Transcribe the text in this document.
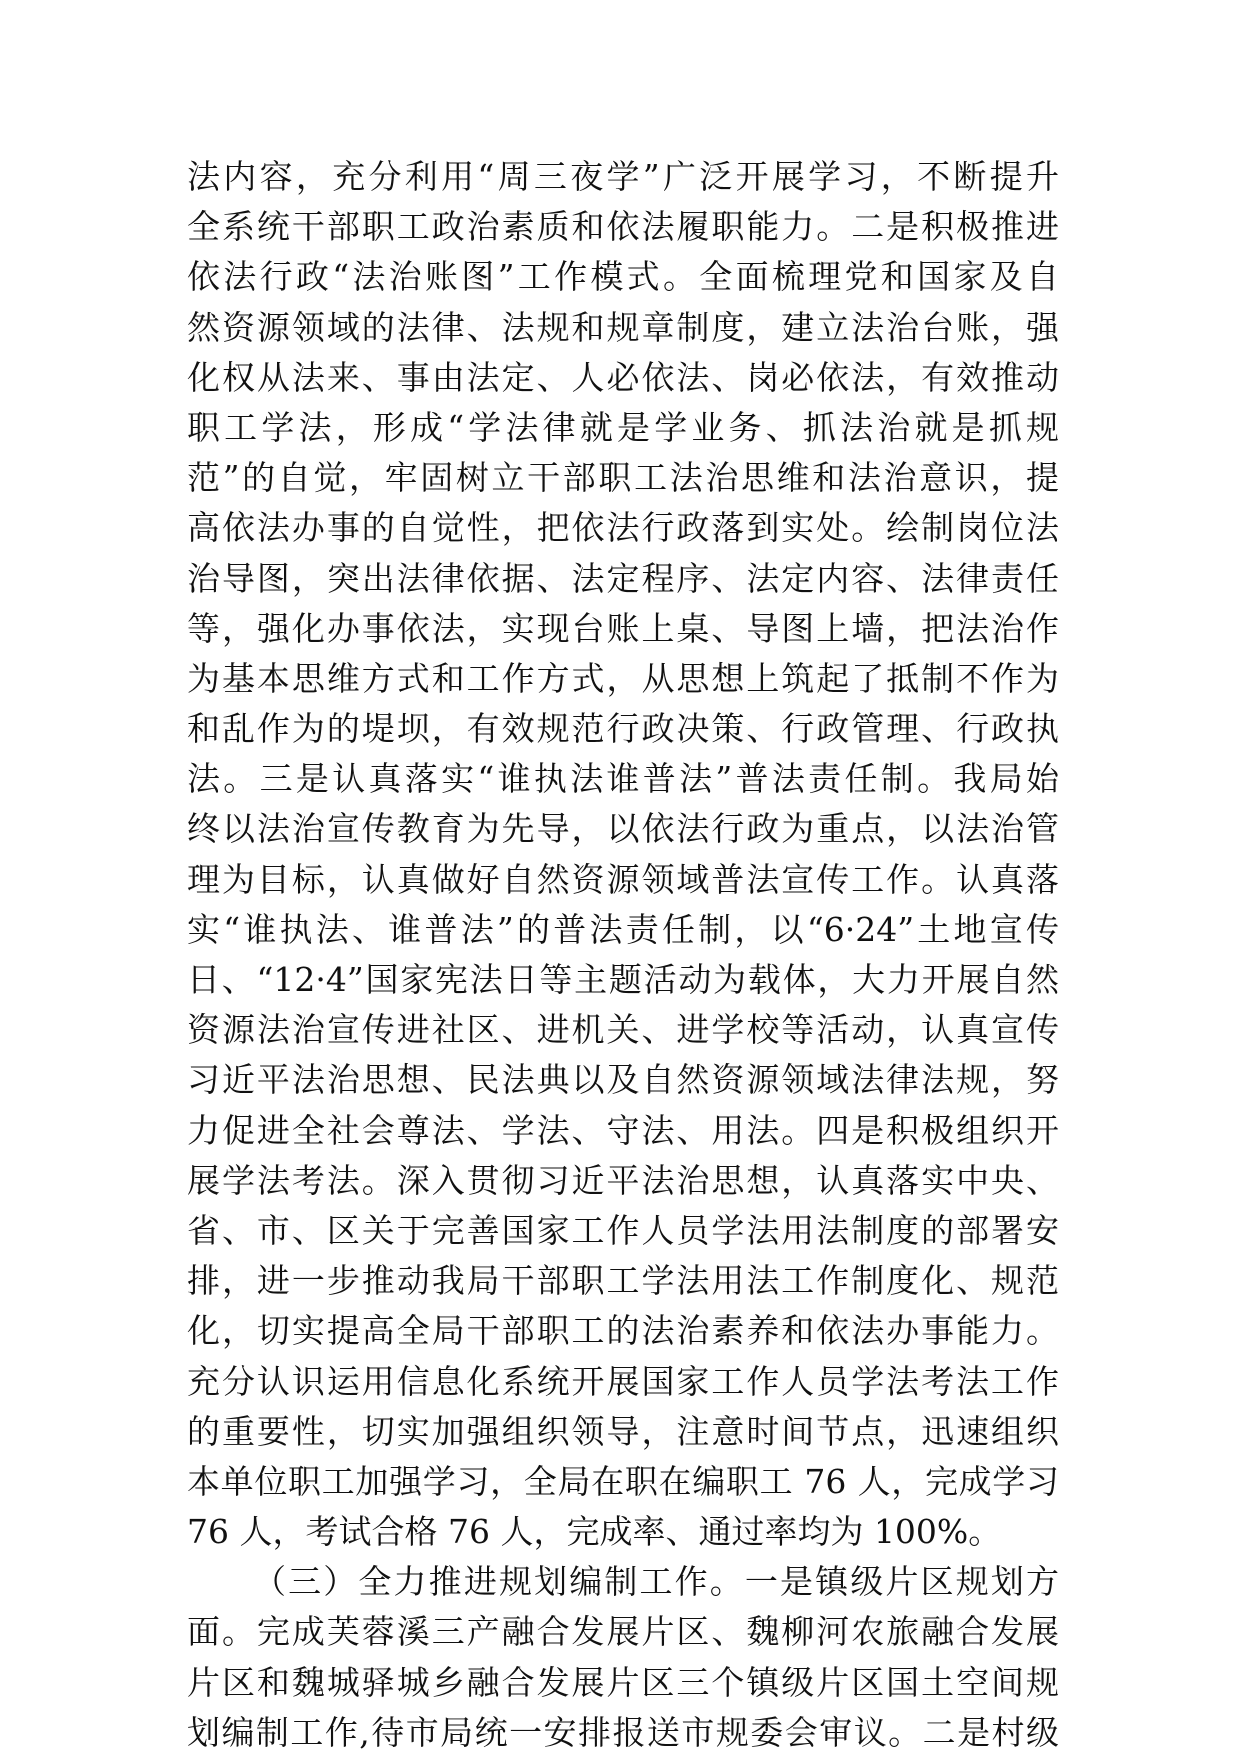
法内容，充分利用“周三夜学”广泛开展学习，不断提升
全系统干部职工政治素质和依法履职能力。二是积极推进
依法行政“法治账图”工作模式。全面梳理党和国家及自
然资源领域的法律、法规和规章制度，建立法治台账，强
化权从法来、事由法定、人必依法、岗必依法，有效推动
职工学法，形成“学法律就是学业务、抓法治就是抓规
范”的自觉，牢固树立干部职工法治思维和法治意识，提
高依法办事的自觉性，把依法行政落到实处。绘制岗位法
治导图，突出法律依据、法定程序、法定内容、法律责任
等，强化办事依法，实现台账上桌、导图上墙，把法治作
为基本思维方式和工作方式，从思想上筑起了抵制不作为
和乱作为的堤坝，有效规范行政决策、行政管理、行政执
法。三是认真落实“谁执法谁普法”普法责任制。我局始
终以法治宣传教育为先导，以依法行政为重点，以法治管
理为目标，认真做好自然资源领域普法宣传工作。认真落
实“谁执法、谁普法”的普法责任制，以“6·24”土地宣传
日、“12·4”国家宪法日等主题活动为载体，大力开展自然
资源法治宣传进社区、进机关、进学校等活动，认真宣传
习近平法治思想、民法典以及自然资源领域法律法规，努
力促进全社会尊法、学法、守法、用法。四是积极组织开
展学法考法。深入贯彻习近平法治思想，认真落实中央、
省、市、区关于完善国家工作人员学法用法制度的部署安
排，进一步推动我局干部职工学法用法工作制度化、规范
化，切实提高全局干部职工的法治素养和依法办事能力。
充分认识运用信息化系统开展国家工作人员学法考法工作
的重要性，切实加强组织领导，注意时间节点，迅速组织
本单位职工加强学习，全局在职在编职工 76 人，完成学习
76 人，考试合格 76 人，完成率、通过率均为 100%。
（三）全力推进规划编制工作。一是镇级片区规划方
面。完成芙蓉溪三产融合发展片区、魏柳河农旅融合发展
片区和魏城驿城乡融合发展片区三个镇级片区国土空间规
划编制工作,待市局统一安排报送市规委会审议。二是村级
